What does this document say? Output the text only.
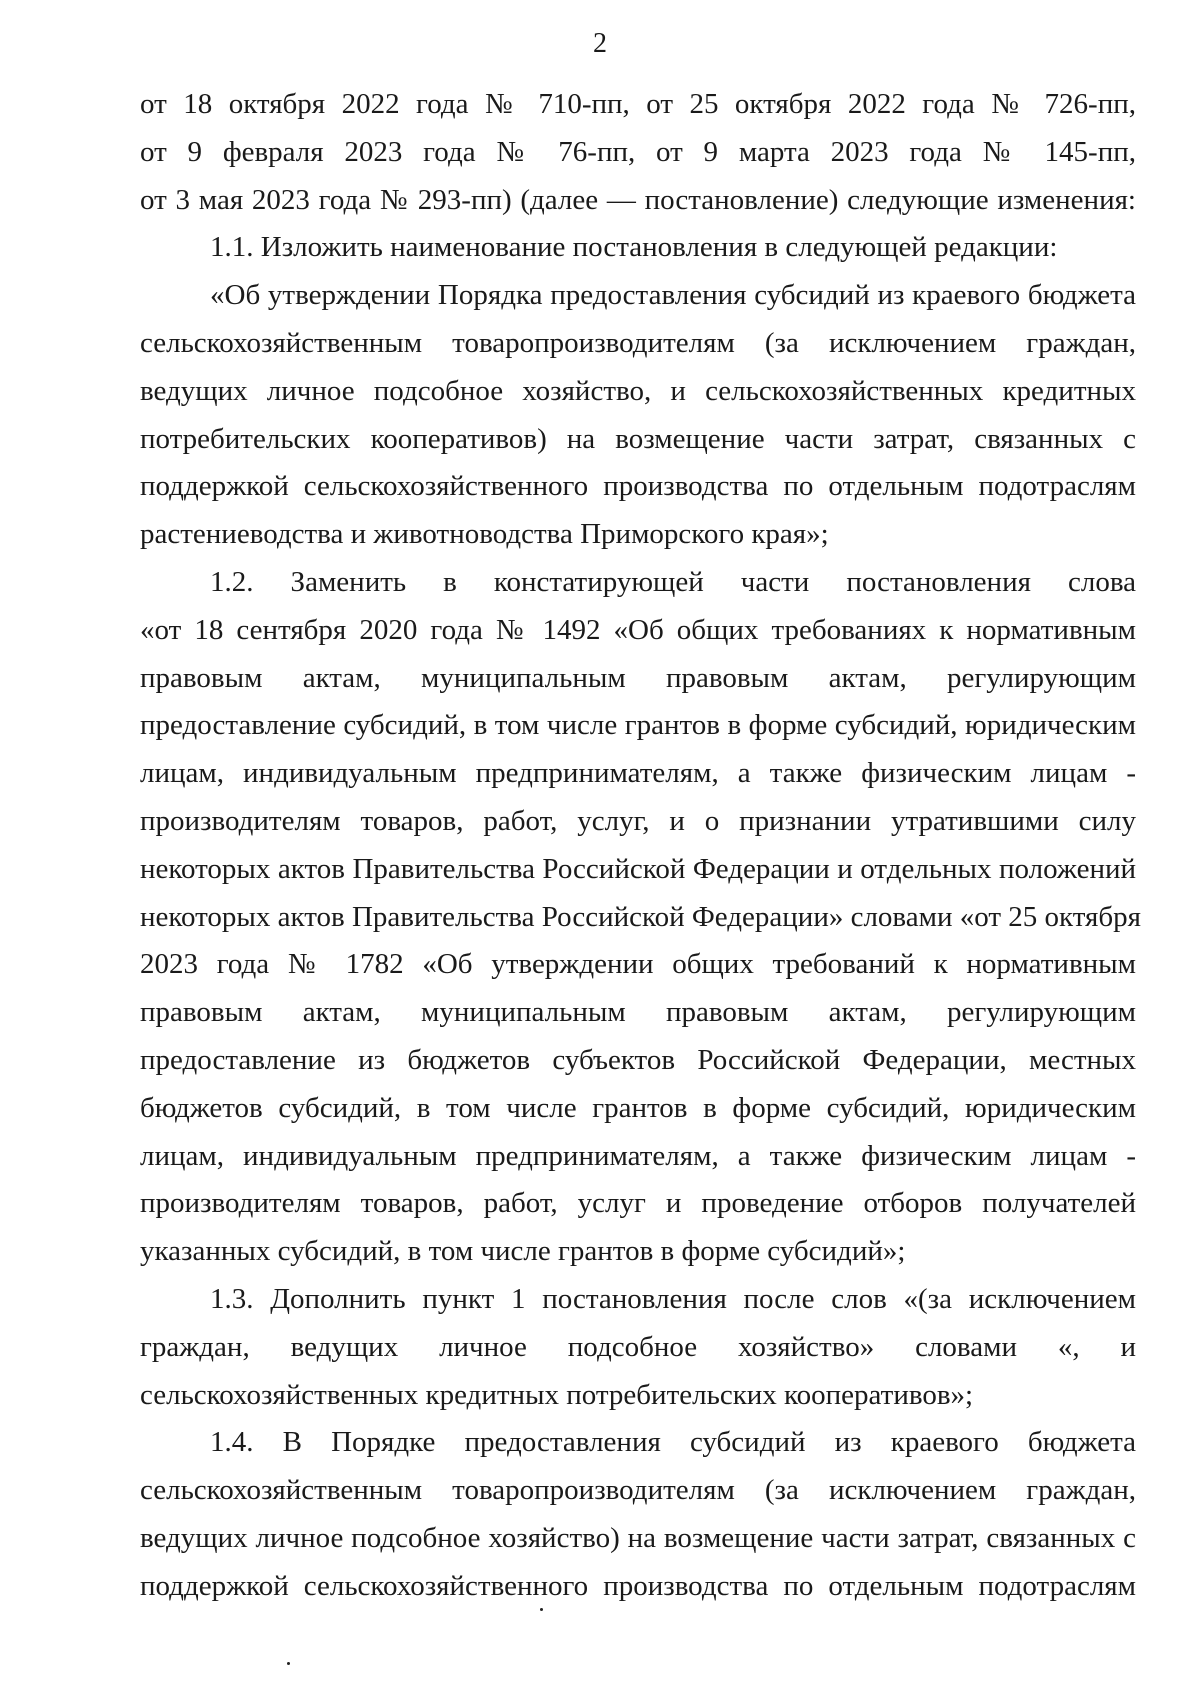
2
от 18 октября 2022 года № 710-пп, от 25 октября 2022 года № 726-пп,
от 9 февраля 2023 года № 76-пп, от 9 марта 2023 года № 145-пп,
от 3 мая 2023 года № 293-пп) (далее — постановление) следующие изменения:
1.1. Изложить наименование постановления в следующей редакции:
«Об утверждении Порядка предоставления субсидий из краевого бюджета
сельскохозяйственным товаропроизводителям (за исключением граждан,
ведущих личное подсобное хозяйство, и сельскохозяйственных кредитных
потребительских кооперативов) на возмещение части затрат, связанных с
поддержкой сельскохозяйственного производства по отдельным подотраслям
растениеводства и животноводства Приморского края»;
1.2. Заменить в констатирующей части постановления слова
«от 18 сентября 2020 года № 1492 «Об общих требованиях к нормативным
правовым актам, муниципальным правовым актам, регулирующим
предоставление субсидий, в том числе грантов в форме субсидий, юридическим
лицам, индивидуальным предпринимателям, а также физическим лицам -
производителям товаров, работ, услуг, и о признании утратившими силу
некоторых актов Правительства Российской Федерации и отдельных положений
некоторых актов Правительства Российской Федерации» словами «от 25 октября
2023 года № 1782 «Об утверждении общих требований к нормативным
правовым актам, муниципальным правовым актам, регулирующим
предоставление из бюджетов субъектов Российской Федерации, местных
бюджетов субсидий, в том числе грантов в форме субсидий, юридическим
лицам, индивидуальным предпринимателям, а также физическим лицам -
производителям товаров, работ, услуг и проведение отборов получателей
указанных субсидий, в том числе грантов в форме субсидий»;
1.3. Дополнить пункт 1 постановления после слов «(за исключением
граждан, ведущих личное подсобное хозяйство» словами «, и
сельскохозяйственных кредитных потребительских кооперативов»;
1.4. В Порядке предоставления субсидий из краевого бюджета
сельскохозяйственным товаропроизводителям (за исключением граждан,
ведущих личное подсобное хозяйство) на возмещение части затрат, связанных с
поддержкой сельскохозяйственного производства по отдельным подотраслям
